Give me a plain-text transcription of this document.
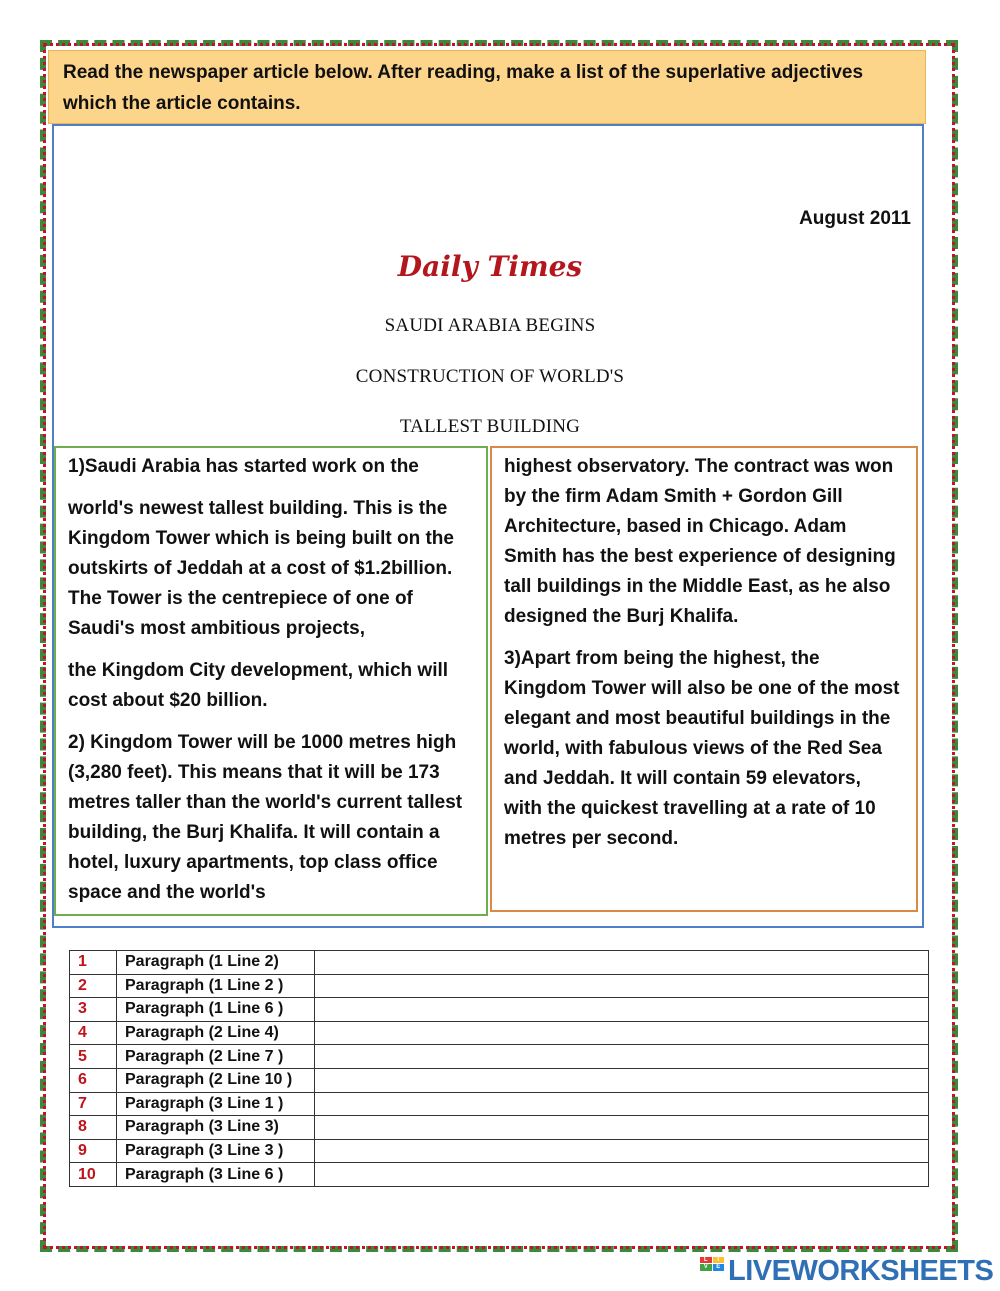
Read the newspaper article below. After reading, make a list of the superlative adjectives which the article contains.
August 2011
Daily Times
SAUDI ARABIA BEGINS
CONSTRUCTION OF WORLD'S
TALLEST BUILDING

1)Saudi Arabia has started work on the

world's newest tallest building. This is the Kingdom Tower which is being built on the outskirts of Jeddah at a cost of $1.2billion. The Tower is the centrepiece of one of Saudi's most ambitious projects,

the Kingdom City development, which will cost about $20 billion.

2) Kingdom Tower will be 1000 metres high (3,280 feet). This means that it will be 173 metres taller than the world's current tallest building, the Burj Khalifa. It will contain a hotel, luxury apartments, top class office space and the world's

highest observatory. The contract was won by the firm Adam Smith + Gordon Gill Architecture, based in Chicago. Adam Smith has the best experience of designing tall buildings in the Middle East, as he also designed the Burj Khalifa.

3)Apart from being the highest, the Kingdom Tower will also be one of the most elegant and most beautiful buildings in the world, with fabulous views of the Red Sea and Jeddah. It will contain 59 elevators, with the quickest travelling at a rate of 10 metres per second.

1	Paragraph (1 Line 2)	
2	Paragraph (1 Line 2 )	
3	Paragraph (1 Line 6 )	
4	Paragraph (2 Line 4)	
5	Paragraph (2 Line 7 )	
6	Paragraph (2 Line 10 )	
7	Paragraph (3 Line 1 )	
8	Paragraph (3 Line 3)	
9	Paragraph (3 Line 3 )	
10	Paragraph (3 Line 6 )	
L	I
V	E LIVEWORKSHEETS
